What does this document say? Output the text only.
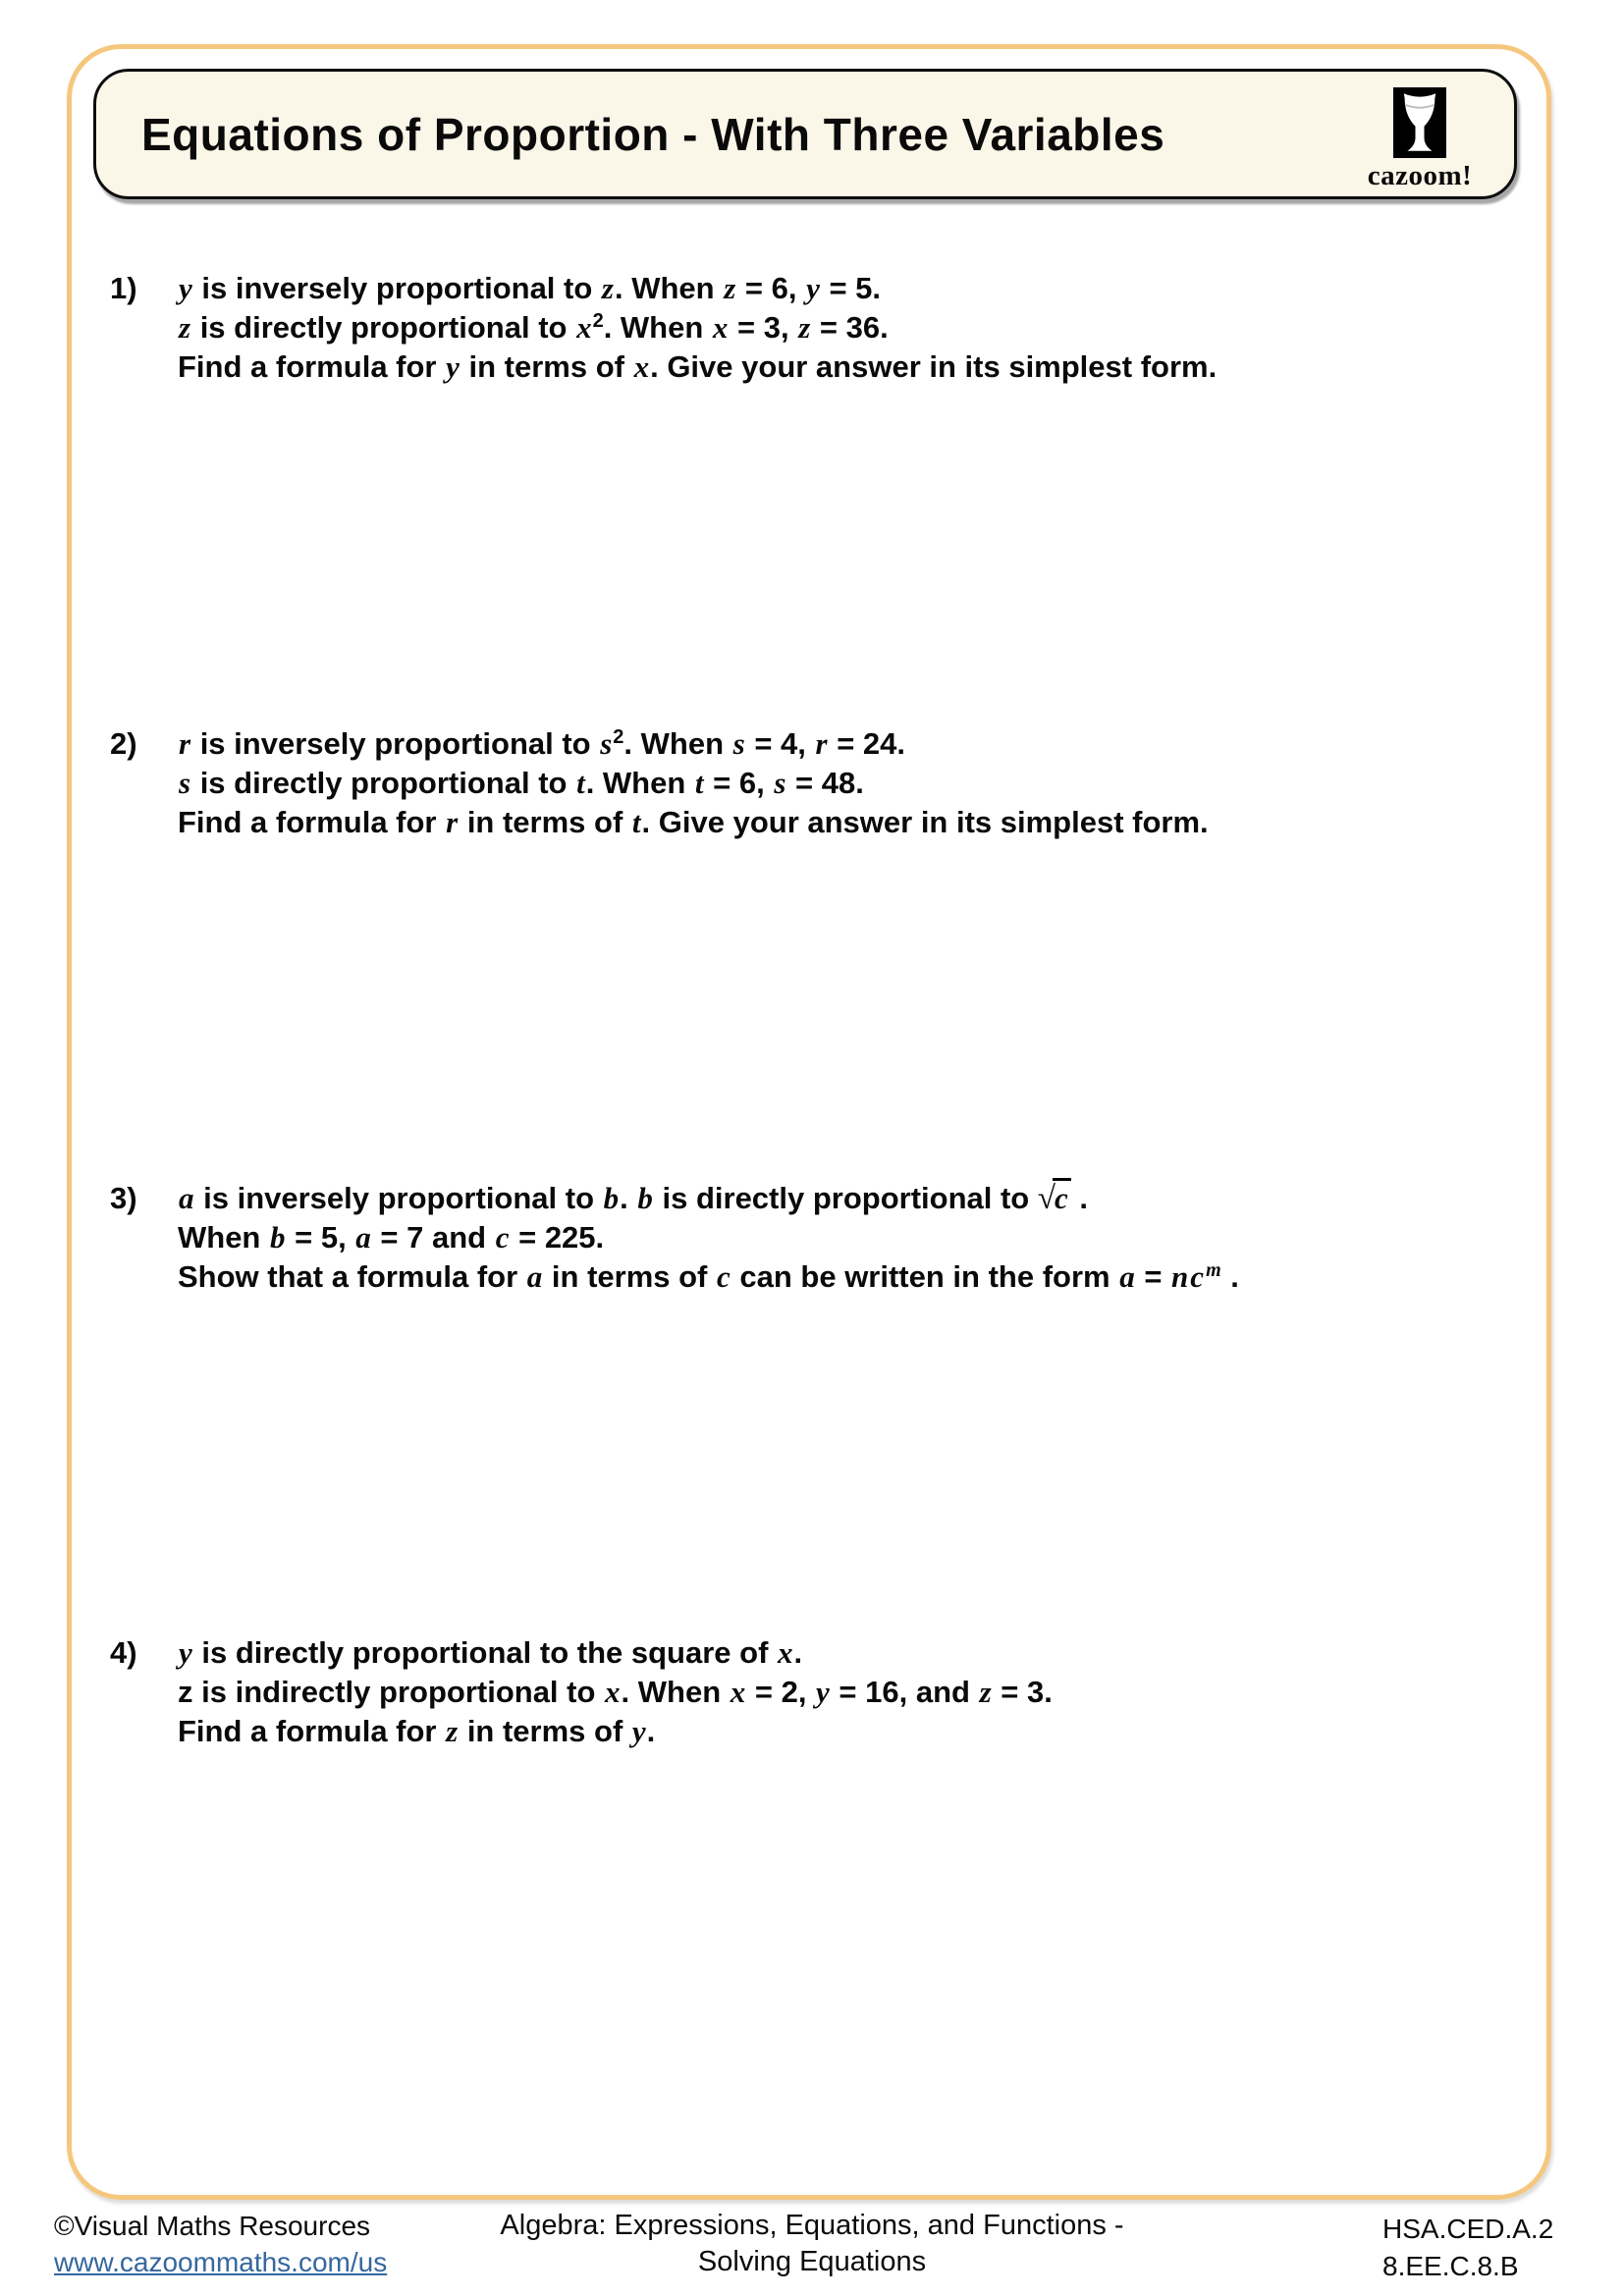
Equations of Proportion - With Three Variables
cazoom!
1)	y is inversely proportional to z. When z = 6, y = 5.

z is directly proportional to $x^2$. When x = 3, z = 36.

Find a formula for y in terms of x. Give your answer in its simplest form.

2)	r is inversely proportional to $s^2$. When s = 4, r = 24.

s is directly proportional to t. When t = 6, s = 48.

Find a formula for r in terms of t. Give your answer in its simplest form.

3)	a is inversely proportional to b. b is directly proportional to √c .

When b = 5, a = 7 and c = 225.

Show that a formula for a in terms of c can be written in the form a = nc $^m$ .

4)	y is directly proportional to the square of x.

z is indirectly proportional to x. When x = 2, y = 16, and z = 3.

Find a formula for z in terms of y.

©Visual Maths Resources
www.cazoommaths.com/us
Algebra: Expressions, Equations, and Functions -
Solving Equations
HSA.CED.A.2
8.EE.C.8.B
